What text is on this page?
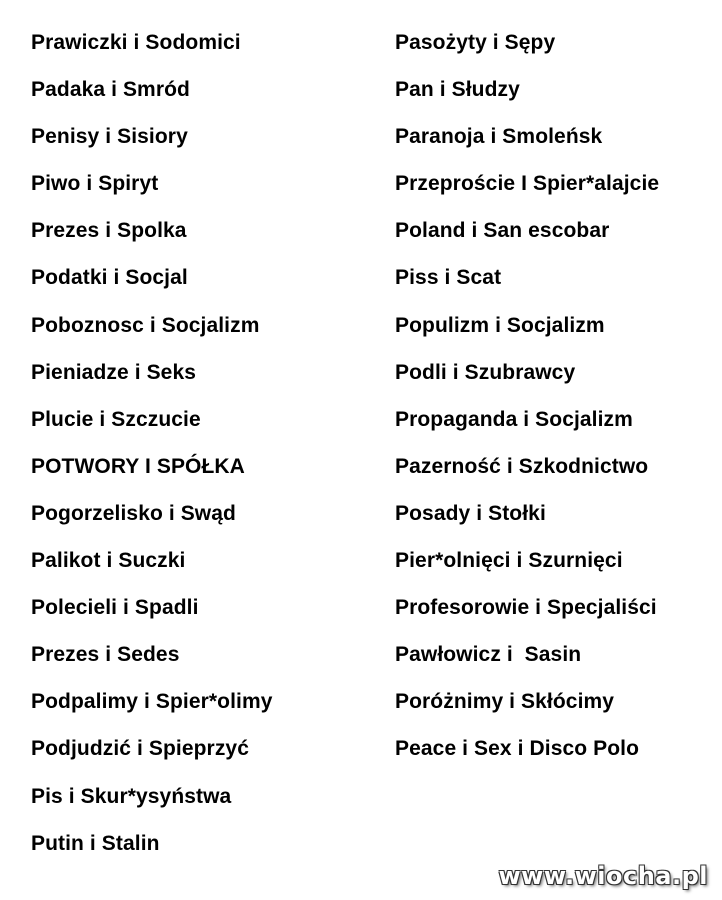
Prawiczki i Sodomici
Padaka i Smród
Penisy i Sisiory
Piwo i Spiryt
Prezes i Spolka
Podatki i Socjal
Poboznosc i Socjalizm
Pieniadze i Seks
Plucie i Szczucie
POTWORY I SPÓŁKA
Pogorzelisko i Swąd
Palikot i Suczki
Polecieli i Spadli
Prezes i Sedes
Podpalimy i Spier*olimy
Podjudzić i Spieprzyć
Pis i Skur*ysyństwa
Putin i Stalin
Pasożyty i Sępy
Pan i Słudzy
Paranoja i Smoleńsk
Przeproście I Spier*alajcie
Poland i San escobar
Piss i Scat
Populizm i Socjalizm
Podli i Szubrawcy
Propaganda i Socjalizm
Pazerność i Szkodnictwo
Posady i Stołki
Pier*olnięci i Szurnięci
Profesorowie i Specjaliści
Pawłowicz i  Sasin
Poróżnimy i Skłócimy
Peace i Sex i Disco Polo
www.wiocha.pl
